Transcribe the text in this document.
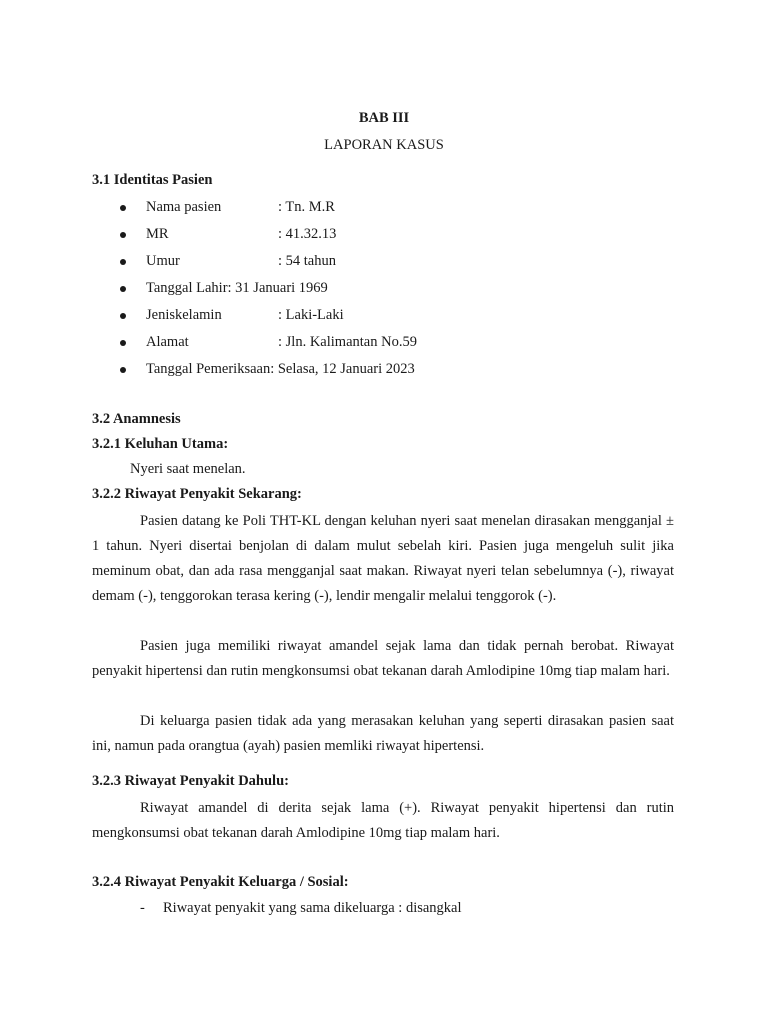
BAB III
LAPORAN KASUS
3.1 Identitas Pasien
Nama pasien	: Tn. M.R
MR	: 41.32.13
Umur	: 54 tahun
Tanggal Lahir: 31 Januari 1969
Jeniskelamin	: Laki-Laki
Alamat	: Jln. Kalimantan No.59
Tanggal Pemeriksaan: Selasa, 12 Januari 2023
3.2 Anamnesis
3.2.1 Keluhan Utama:
Nyeri saat menelan.
3.2.2 Riwayat Penyakit Sekarang:

Pasien datang ke Poli THT-KL dengan keluhan nyeri saat menelan dirasakan mengganjal ± 1 tahun. Nyeri disertai benjolan di dalam mulut sebelah kiri. Pasien juga mengeluh sulit jika meminum obat, dan ada rasa mengganjal saat makan. Riwayat nyeri telan sebelumnya (-), riwayat demam (-), tenggorokan terasa kering (-), lendir mengalir melalui tenggorok (-).

Pasien juga memiliki riwayat amandel sejak lama dan tidak pernah berobat. Riwayat penyakit hipertensi dan rutin mengkonsumsi obat tekanan darah Amlodipine 10mg tiap malam hari.

Di keluarga pasien tidak ada yang merasakan keluhan yang seperti dirasakan pasien saat ini, namun pada orangtua (ayah) pasien memliki riwayat hipertensi.

3.2.3 Riwayat Penyakit Dahulu:

Riwayat amandel di derita sejak lama (+). Riwayat penyakit hipertensi dan rutin mengkonsumsi obat tekanan darah Amlodipine 10mg tiap malam hari.

3.2.4 Riwayat Penyakit Keluarga / Sosial:
- Riwayat penyakit yang sama dikeluarga : disangkal
